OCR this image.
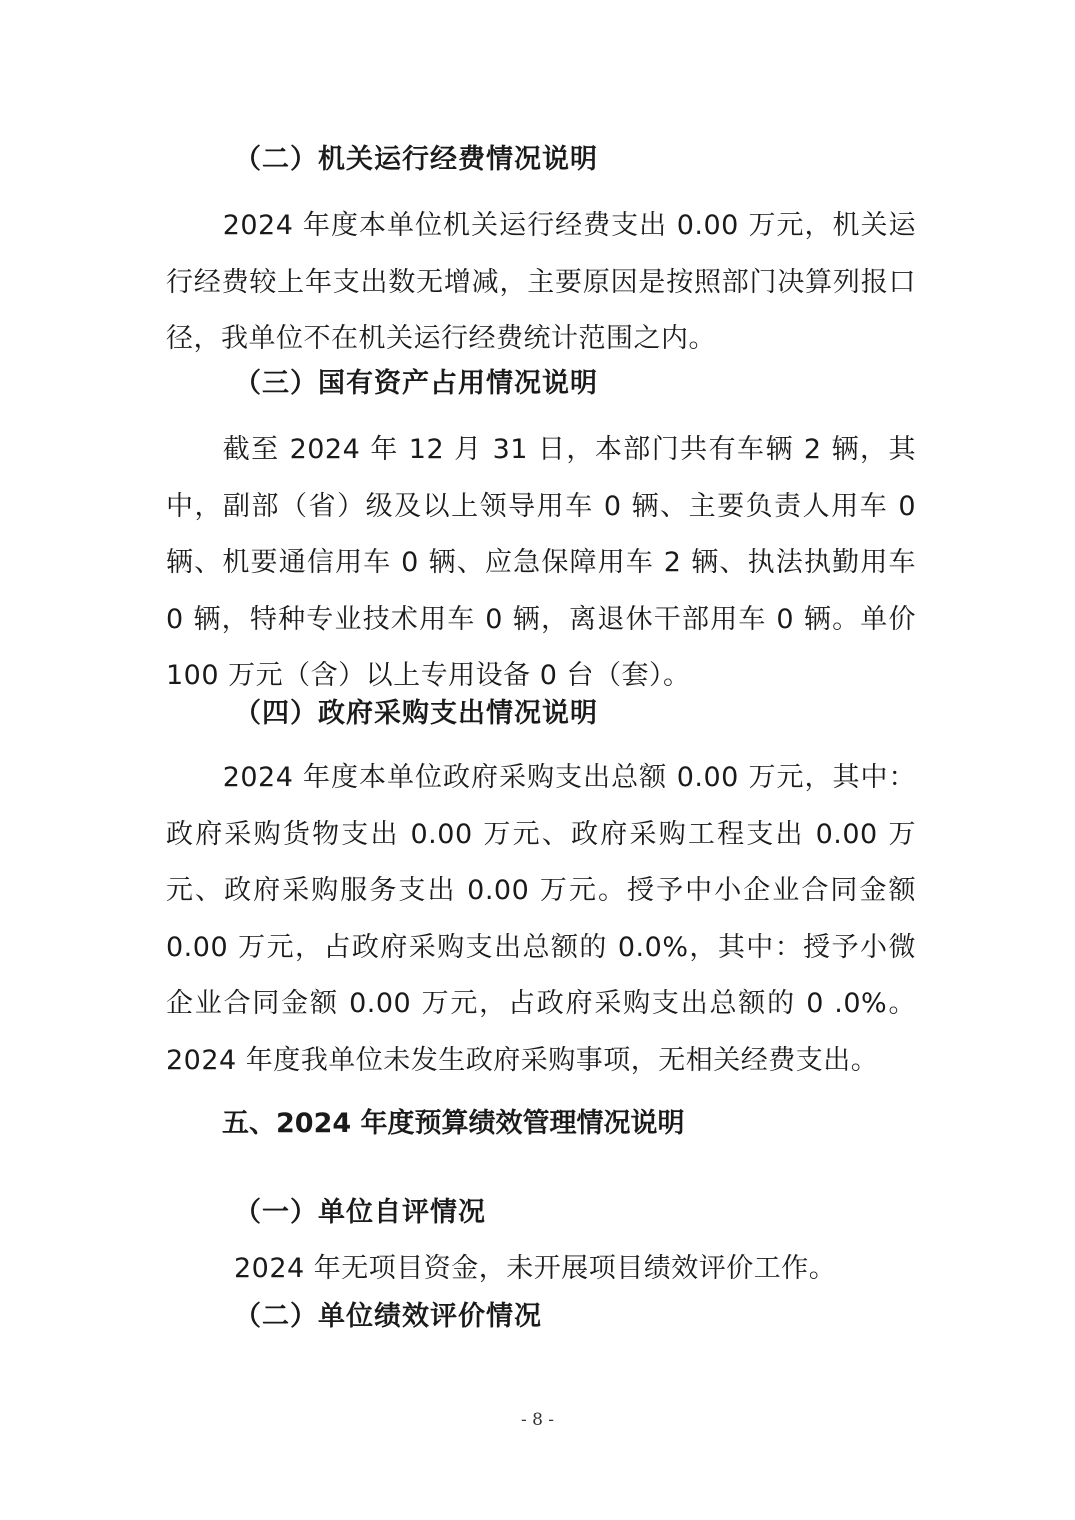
（二）机关运行经费情况说明

2024 年度本单位机关运行经费支出 0.00 万元，机关运行经费较上年支出数无增减，主要原因是按照部门决算列报口径，我单位不在机关运行经费统计范围之内。

（三）国有资产占用情况说明

截至 2024 年 12 月 31 日，本部门共有车辆 2 辆，其中，副部（省）级及以上领导用车 0 辆、主要负责人用车 0 辆、机要通信用车 0 辆、应急保障用车 2 辆、执法执勤用车 0 辆，特种专业技术用车 0 辆，离退休干部用车 0 辆。单价 100 万元（含）以上专用设备 0 台（套）。

（四）政府采购支出情况说明

2024 年度本单位政府采购支出总额 0.00 万元，其中：政府采购货物支出 0.00 万元、政府采购工程支出 0.00 万元、政府采购服务支出 0.00 万元。授予中小企业合同金额 0.00 万元，占政府采购支出总额的 0.0%，其中：授予小微企业合同金额 0.00 万元，占政府采购支出总额的 0 .0%。2024 年度我单位未发生政府采购事项，无相关经费支出。

五、2024 年度预算绩效管理情况说明
（一）单位自评情况

2024 年无项目资金，未开展项目绩效评价工作。

（二）单位绩效评价情况
- 8 -
